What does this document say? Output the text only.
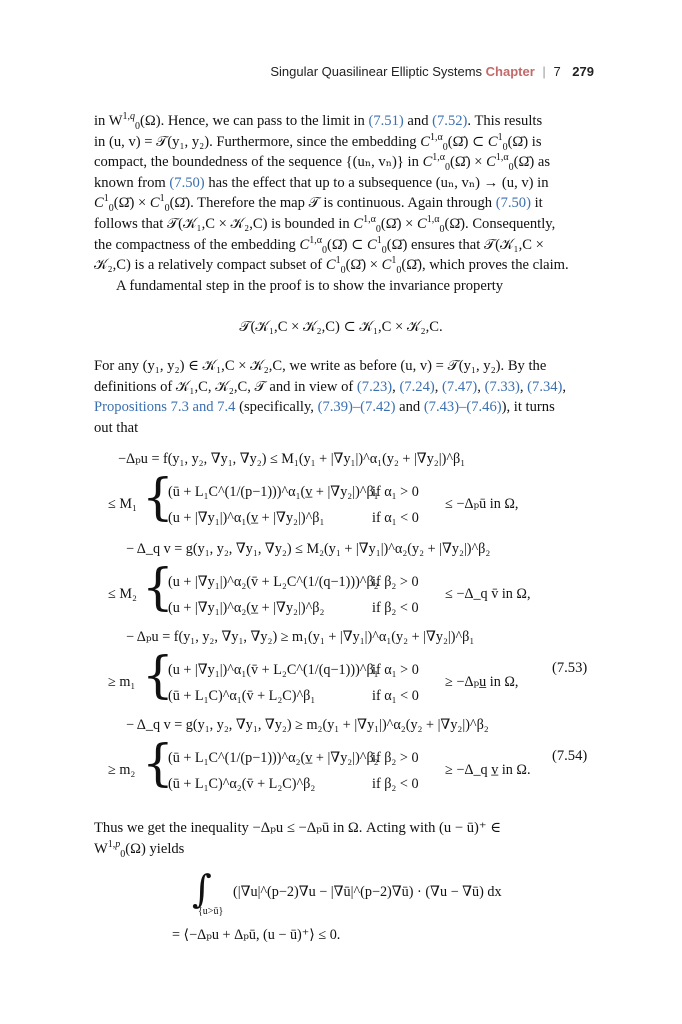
Singular Quasilinear Elliptic Systems Chapter | 7 279
in W$^{1,q}_0$(Ω). Hence, we can pass to the limit in (7.51) and (7.52). This results
in (u, v) = 𝒯(y₁, y₂). Furthermore, since the embedding $C^{1,\alpha}_0(\Omegā)$ ⊂ $C^1_0(\Omegā)$ is
compact, the boundedness of the sequence {(uₙ, vₙ)} in $C^{1,\alpha}_0(\Omegā)$ × $C^{1,\alpha}_0(\Omegā)$ as
known from (7.50) has the effect that up to a subsequence (uₙ, vₙ) → (u, v) in
$C^1_0(\Omegā)$ × $C^1_0(\Omegā)$. Therefore the map 𝒯 is continuous. Again through (7.50) it
follows that 𝒯(𝒦₁,C × 𝒦₂,C) is bounded in $C^{1,\alpha}_0(\Omegā)$ × $C^{1,\alpha}_0(\Omegā)$. Consequently,
the compactness of the embedding $C^{1,\alpha}_0(\Omegā)$ ⊂ $C^1_0(\Omegā)$ ensures that 𝒯(𝒦₁,C ×
𝒦₂,C) is a relatively compact subset of $C^1_0(\Omegā)$ × $C^1_0(\Omegā)$, which proves the claim.
A fundamental step in the proof is to show the invariance property
𝒯(𝒦₁,C × 𝒦₂,C) ⊂ 𝒦₁,C × 𝒦₂,C.
For any (y₁, y₂) ∈ 𝒦₁,C × 𝒦₂,C, we write as before (u, v) = 𝒯(y₁, y₂). By the
definitions of 𝒦₁,C, 𝒦₂,C, 𝒯 and in view of (7.23), (7.24), (7.47), (7.33), (7.34),
Propositions 7.3 and 7.4 (specifically, (7.39)–(7.42) and (7.43)–(7.46)), it turns
out that
−Δₚu = f(y₁, y₂, ∇y₁, ∇y₂) ≤ M₁(y₁ + |∇y₁|)^α₁(y₂ + |∇y₂|)^β₁
≤ M₁ {
(ū + L₁C^(1/(p−1)))^α₁(v̲ + |∇y₂|)^β₁
if α₁ > 0
(u + |∇y₁|)^α₁(v̲ + |∇y₂|)^β₁	if α₁ < 0
≤ −Δₚū in Ω,
− Δ_q v = g(y₁, y₂, ∇y₁, ∇y₂) ≤ M₂(y₁ + |∇y₁|)^α₂(y₂ + |∇y₂|)^β₂
≤ M₂ {
(u + |∇y₁|)^α₂(v̄ + L₂C^(1/(q−1)))^β₂
if β₂ > 0
(u + |∇y₁|)^α₂(v̲ + |∇y₂|)^β₂	if β₂ < 0
≤ −Δ_q v̄ in Ω,
− Δₚu = f(y₁, y₂, ∇y₁, ∇y₂) ≥ m₁(y₁ + |∇y₁|)^α₁(y₂ + |∇y₂|)^β₁
≥ m₁ {
(u + |∇y₁|)^α₁(v̄ + L₂C^(1/(q−1)))^β₁
if α₁ > 0
(ū + L₁C)^α₁(v̄ + L₂C)^β₁	if α₁ < 0
≥ −Δₚu̲ in Ω,
(7.53)
− Δ_q v = g(y₁, y₂, ∇y₁, ∇y₂) ≥ m₂(y₁ + |∇y₁|)^α₂(y₂ + |∇y₂|)^β₂
≥ m₂ {
(ū + L₁C^(1/(p−1)))^α₂(v̲ + |∇y₂|)^β₂
if β₂ > 0
(ū + L₁C)^α₂(v̄ + L₂C)^β₂	if β₂ < 0
≥ −Δ_q v̲ in Ω.
(7.54)
Thus we get the inequality −Δₚu ≤ −Δₚū in Ω. Acting with (u − ū)⁺ ∈
W$^{1,p}_0$(Ω) yields
∫
{u>ū}
(|∇u|^(p−2)∇u − |∇ū|^(p−2)∇ū) · (∇u − ∇ū) dx
= ⟨−Δₚu + Δₚū, (u − ū)⁺⟩ ≤ 0.
